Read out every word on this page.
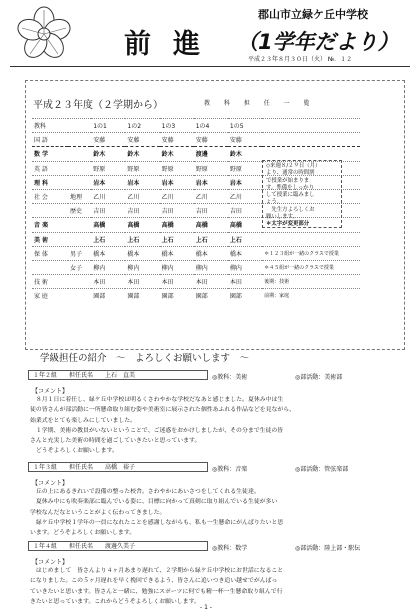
郡山市立緑ケ丘中学校
前進 （1学年だより）
平成２３年８月３０日（火） №．１２
平成２３年度（２学期から）	教 科 担 任 一 覧
教科		1の1	1の2	1の3	1の4	1の5	
国 語		安藤	安藤	安藤	安藤	安藤	
数 学		鈴木	鈴木	鈴木	渡邊	鈴木	
英 語		野原	野原	野原	野原	野原	
理 科		岩本	岩本	岩本	岩本	岩本	
社 会	地理	乙川	乙川	乙川	乙川	乙川	
	歴史	吉田	吉田	吉田	吉田	吉田	
音 楽		高橋	高橋	高橋	高橋	高橋	
美 術		上石	上石	上石	上石	上石	
保 体	男子	橋本	橋本	橋本	橋本	橋本	＊１２３組が一緒のクラスで授業
	女子	柳内	柳内	柳内	柳内	柳内	＊４５組が一緒のクラスで授業
技 術		本田	本田	本田	本田	本田	後期：技術
家 庭		園部	園部	園部	園部	園部	前期：家庭
◇来週８/２９日（月）
より、通常の時間割
で授業が始まりま
す。準備をしっかり
して授業に臨みまし
ょう。
　先生方よろしくお
願いします。
＊太字が変更部分
学級担任の紹介　～　よろしくお願いします　～
１年２組　　担任氏名　　上石　直美	◎教科：美術	◎部活動：美術部
【コメント】

　８月１日に着任し、緑ケ丘中学校は明るくさわやかな学校だなあと感じました。夏休み中は生

徒の皆さんが部活動に一所懸命取り組む姿や美術室に展示された個性あふれる作品などを見ながら、

始業式をとても楽しみにしていました。

　１学期、美術の教員がいないということで、ご迷惑をおかけしましたが、その分まで生徒の皆

さんと充実した美術の時間を過ごしていきたいと思っています。

　どうぞよろしくお願いします。

１年３組　　担任氏名　　高橋　裕子	◎教科：音楽	◎部活動：管弦楽部
【コメント】

　丘の上にあるきれいで設備の整った校舎。さわやかにあいさつをしてくれる生徒達。

　夏休み中にも吹奏楽部に臨んでいる姿に、目標に向かって真剣に取り組んでいる生徒が多い

学校なんだなということがよく伝わってきました。

　緑ケ丘中学校１学年の一員になれたことを感謝しながらも、私も一生懸命にがんばりたいと思

います。どうぞよろしくお願いします。

１年４組　　担任氏名　　渡邊久美子	◎教科：数学	◎部活動：陸上部・駅伝
【コメント】

　はじめまして　皆さんより４ヶ月あまり遅れて、２学期から緑ケ丘中学校にお世話になること

になりました。この５ヶ月遅れを早く挽回できるよう、皆さんに追いつき追い越せでがんばっ

ていきたいと思います。皆さんと一緒に、勉強にスポーツに何でも精一杯一生懸命取り組んで行

きたいと思っています。これからどうぞよろしくお願いします。

- 1 -
